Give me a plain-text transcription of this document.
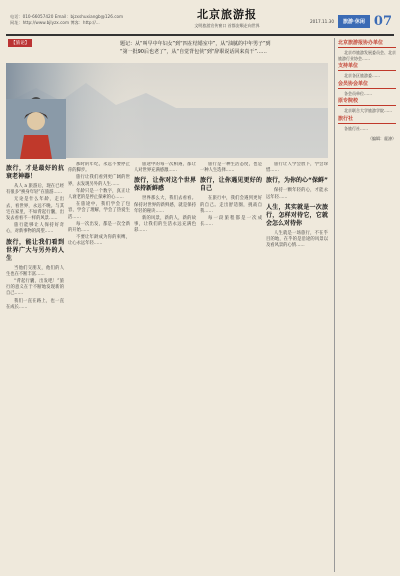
电话：010-66057420 Email：bjzxshuxiangb@126.com
网址：http://www.bjlyzx.com 博客：http://...
北京旅游报
文明旅游宣传窗口 首都安顺走向世界
2017.11.30	旅游·休闲 07
【旅论】	题记：从“叫早中年妇女”到“四在结婚室中”，从“油腻的中年男子”到
“第一批90后也老了”，从“自觉背包侠”到“辞职说话回来真干”……
旅行，才是最好的抗衰老神器！

从人 a 旅游后，现在已经有很多“换身年轻”在旅游……

无论是什么年龄，走出去，看世界，永远不晚。与其宅在家里，不如背起行囊，出发去看看不一样的风景……

旅行能够让人保持好奇心，对新事物的渴望……

旅行，能让我们看到世界广大与另外的人生

当他们交朋友，他们的人生也在不断丰富……

“背起行囊，出发吧！”旅行的意义在于不断地发现新的自己……

我们一直在路上，也一直在成长……

那时的年纪，永远不要停止你的脚步。

旅行让我们看到更广阔的世界，去发现另外的人生……

年龄只是一个数字，真正让人衰老的是停止探索的心……

在旅途中，我们学会了包容，学会了理解，学会了热爱生活……

每一次出发，都是一次全新的开始……

不要让年龄成为你的束缚，让心永远年轻……

旅途中的每一次相遇，都让人对世界充满感激……

旅行，让你对这个世界保持新鲜感

世界那么大，我们去看看。保持对世界的新鲜感，就是保持年轻的秘诀……

新的风景，新的人，新的故事，让我们的生活永远充满色彩……

旅行是一种生活态度，也是一种人生选择……

旅行，让你遇见更好的自己

在旅行中，我们会遇到更好的自己。走出舒适圈，挑战自我……

每一段旅程都是一次成长……

旅行让人学会放下，学会珍惜……

旅行，为你的心“保鲜”

保持一颗年轻的心，才能永远年轻……

人生，其实就是一次旅行，怎样对待它，它就会怎么对待你

人生就是一场旅行，不在乎目的地，在乎的是沿途的风景以及看风景的心情……

北京旅游报协办单位

北京市旅游发展委员会、北京旅游行业协会……

支持单位

北京各区旅游委……

会员协会单位

各会员单位……

原专院校

北京联合大学旅游学院……

旅行社

各旅行社……

（编辑：霍渗）
